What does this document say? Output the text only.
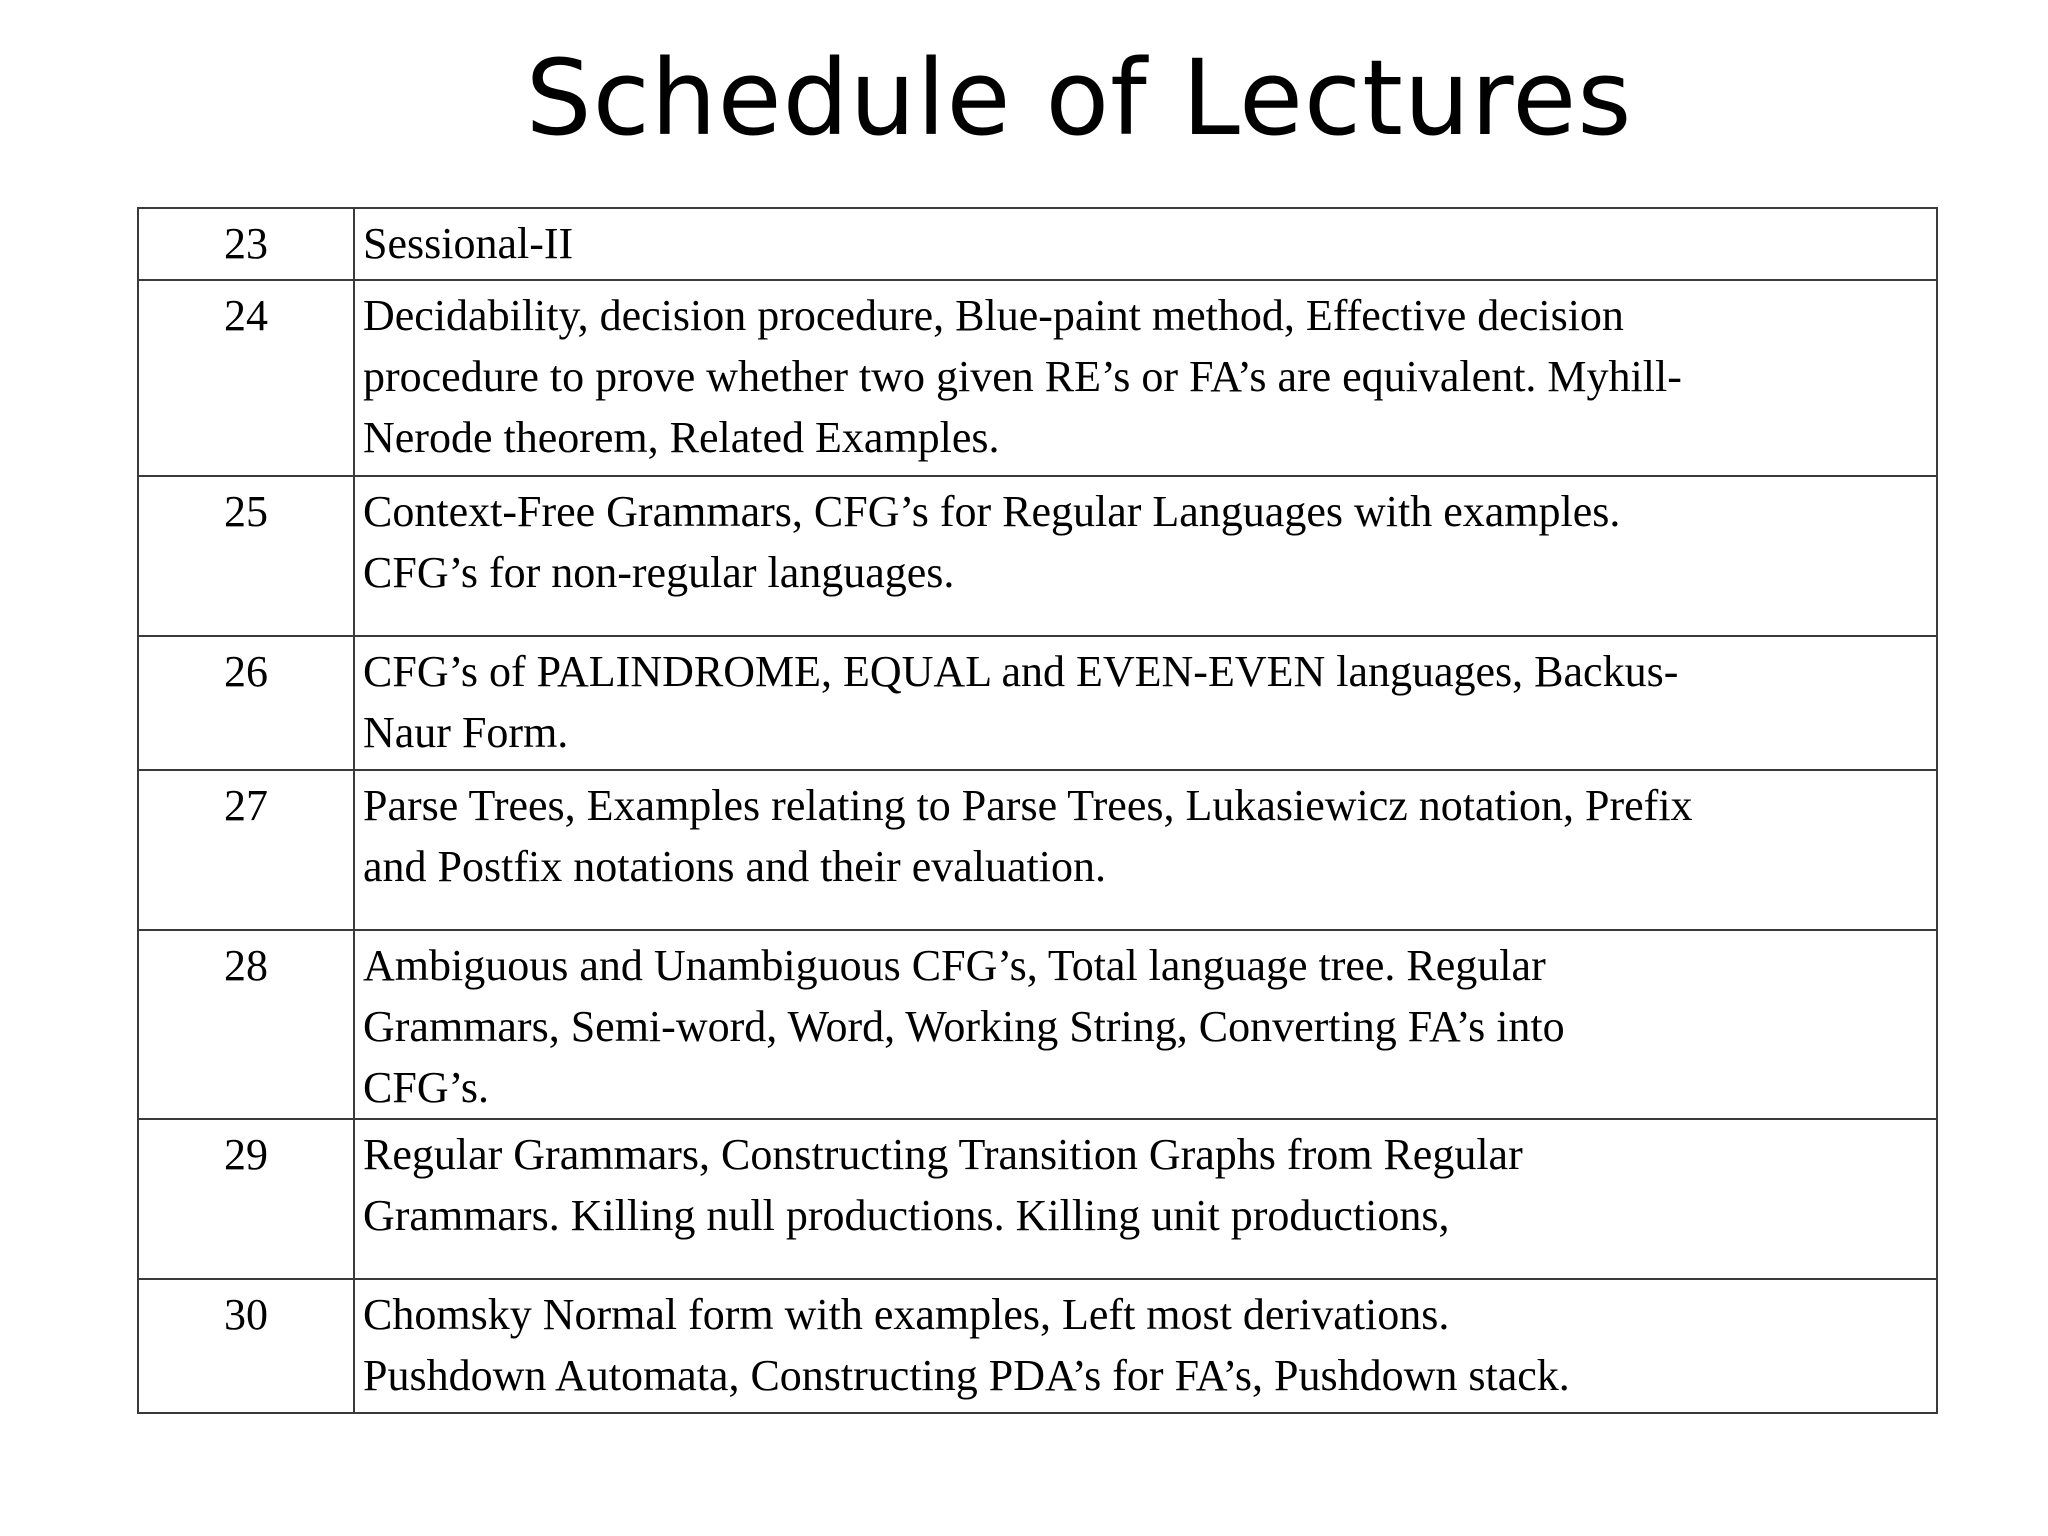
Schedule of Lectures
23	Sessional-II

24	Decidability, decision procedure, Blue-paint method, Effective decision
procedure to prove whether two given RE’s or FA’s are equivalent. Myhill-
Nerode theorem, Related Examples.

25	Context-Free Grammars, CFG’s for Regular Languages with examples.
CFG’s for non-regular languages.

26	CFG’s of PALINDROME, EQUAL and EVEN-EVEN languages, Backus-
Naur Form.

27	Parse Trees, Examples relating to Parse Trees, Lukasiewicz notation, Prefix
and Postfix notations and their evaluation.

28	Ambiguous and Unambiguous CFG’s, Total language tree. Regular
Grammars, Semi-word, Word, Working String, Converting FA’s into
CFG’s.

29	Regular Grammars, Constructing Transition Graphs from Regular
Grammars. Killing null productions. Killing unit productions,

30	Chomsky Normal form with examples, Left most derivations.
Pushdown Automata, Constructing PDA’s for FA’s, Pushdown stack.
